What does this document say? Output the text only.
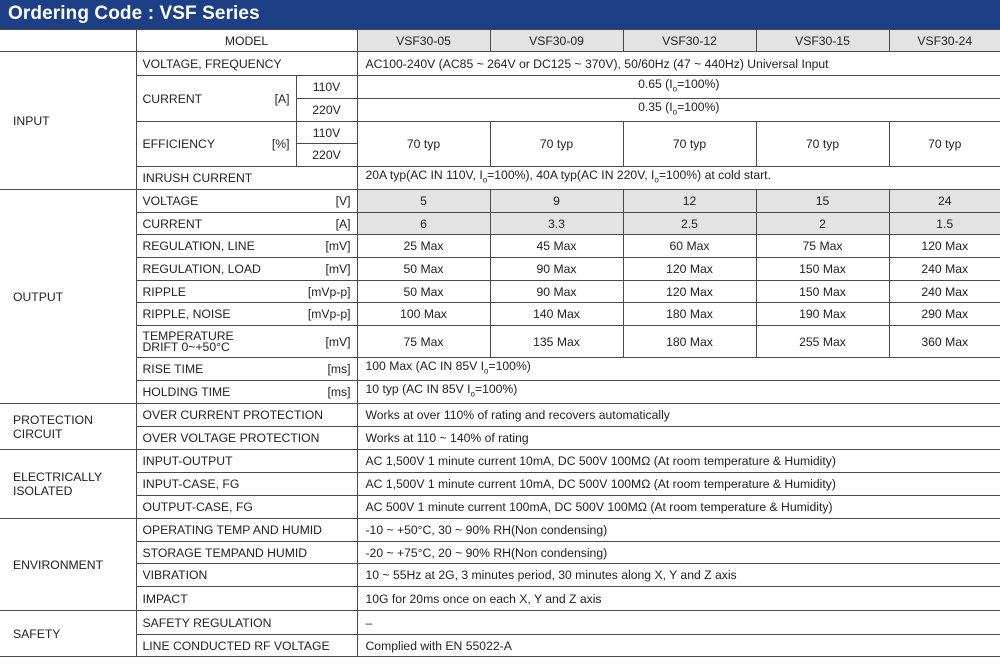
Ordering Code : VSF Series
	MODEL		VSF30-05	VSF30-09	VSF30-12	VSF30-15	VSF30-24
INPUT	VOLTAGE, FREQUENCY		AC100-240V (AC85 ~ 264V or DC125 ~ 370V), 50/60Hz (47 ~ 440Hz) Universal Input				

	CURRENT [A]	110V	0.65 $(I_o=100\%)$				
		220V	0.35 $(I_o=100\%)$				

	EFFICIENCY [%]	110V	70 typ	70 typ	70 typ	70 typ	70 typ
		220V					
	INRUSH CURRENT		20A typ(AC IN 110V, $I_o=100\%$), 40A typ(AC IN 220V, $I_o=100\%$) at cold start.				
OUTPUT	VOLTAGE [V]		5	9	12	15	24

	CURRENT [A]		6	3.3	2.5	2	1.5

	REGULATION, LINE [mV]		25 Max	45 Max	60 Max	75 Max	120 Max

	REGULATION, LOAD [mV]		50 Max	90 Max	120 Max	150 Max	240 Max

	RIPPLE [mVp-p]		50 Max	90 Max	120 Max	150 Max	240 Max

	RIPPLE, NOISE [mVp-p]		100 Max	140 Max	180 Max	190 Max	290 Max

	TEMPERATURE
DRIFT 0~+50°C [mV]		75 Max	135 Max	180 Max	255 Max	360 Max

	RISE TIME [ms]		100 Max (AC IN 85V $I_o=100\%$)				

	HOLDING TIME [ms]		10 typ (AC IN 85V $I_o=100\%$)				
PROTECTION
CIRCUIT	OVER CURRENT PROTECTION		Works at over 110% of rating and recovers automatically				
	OVER VOLTAGE PROTECTION		Works at 110 ~ 140% of rating				
ELECTRICALLY
ISOLATED	INPUT-OUTPUT		AC 1,500V 1 minute current 10mA, DC 500V 100MΩ (At room temperature & Humidity)				
	INPUT-CASE, FG		AC 1,500V 1 minute current 10mA, DC 500V 100MΩ (At room temperature & Humidity)				
	OUTPUT-CASE, FG		AC 500V 1 minute current 100mA, DC 500V 100MΩ (At room temperature & Humidity)				
ENVIRONMENT	OPERATING TEMP AND HUMID		-10 ~ +50°C, 30 ~ 90% RH(Non condensing)				
	STORAGE TEMPAND HUMID		-20 ~ +75°C, 20 ~ 90% RH(Non condensing)				
	VIBRATION		10 ~ 55Hz at 2G, 3 minutes period, 30 minutes along X, Y and Z axis				
	IMPACT		10G for 20ms once on each X, Y and Z axis				
SAFETY	SAFETY REGULATION		–				
	LINE CONDUCTED RF VOLTAGE		Complied with EN 55022-A				
